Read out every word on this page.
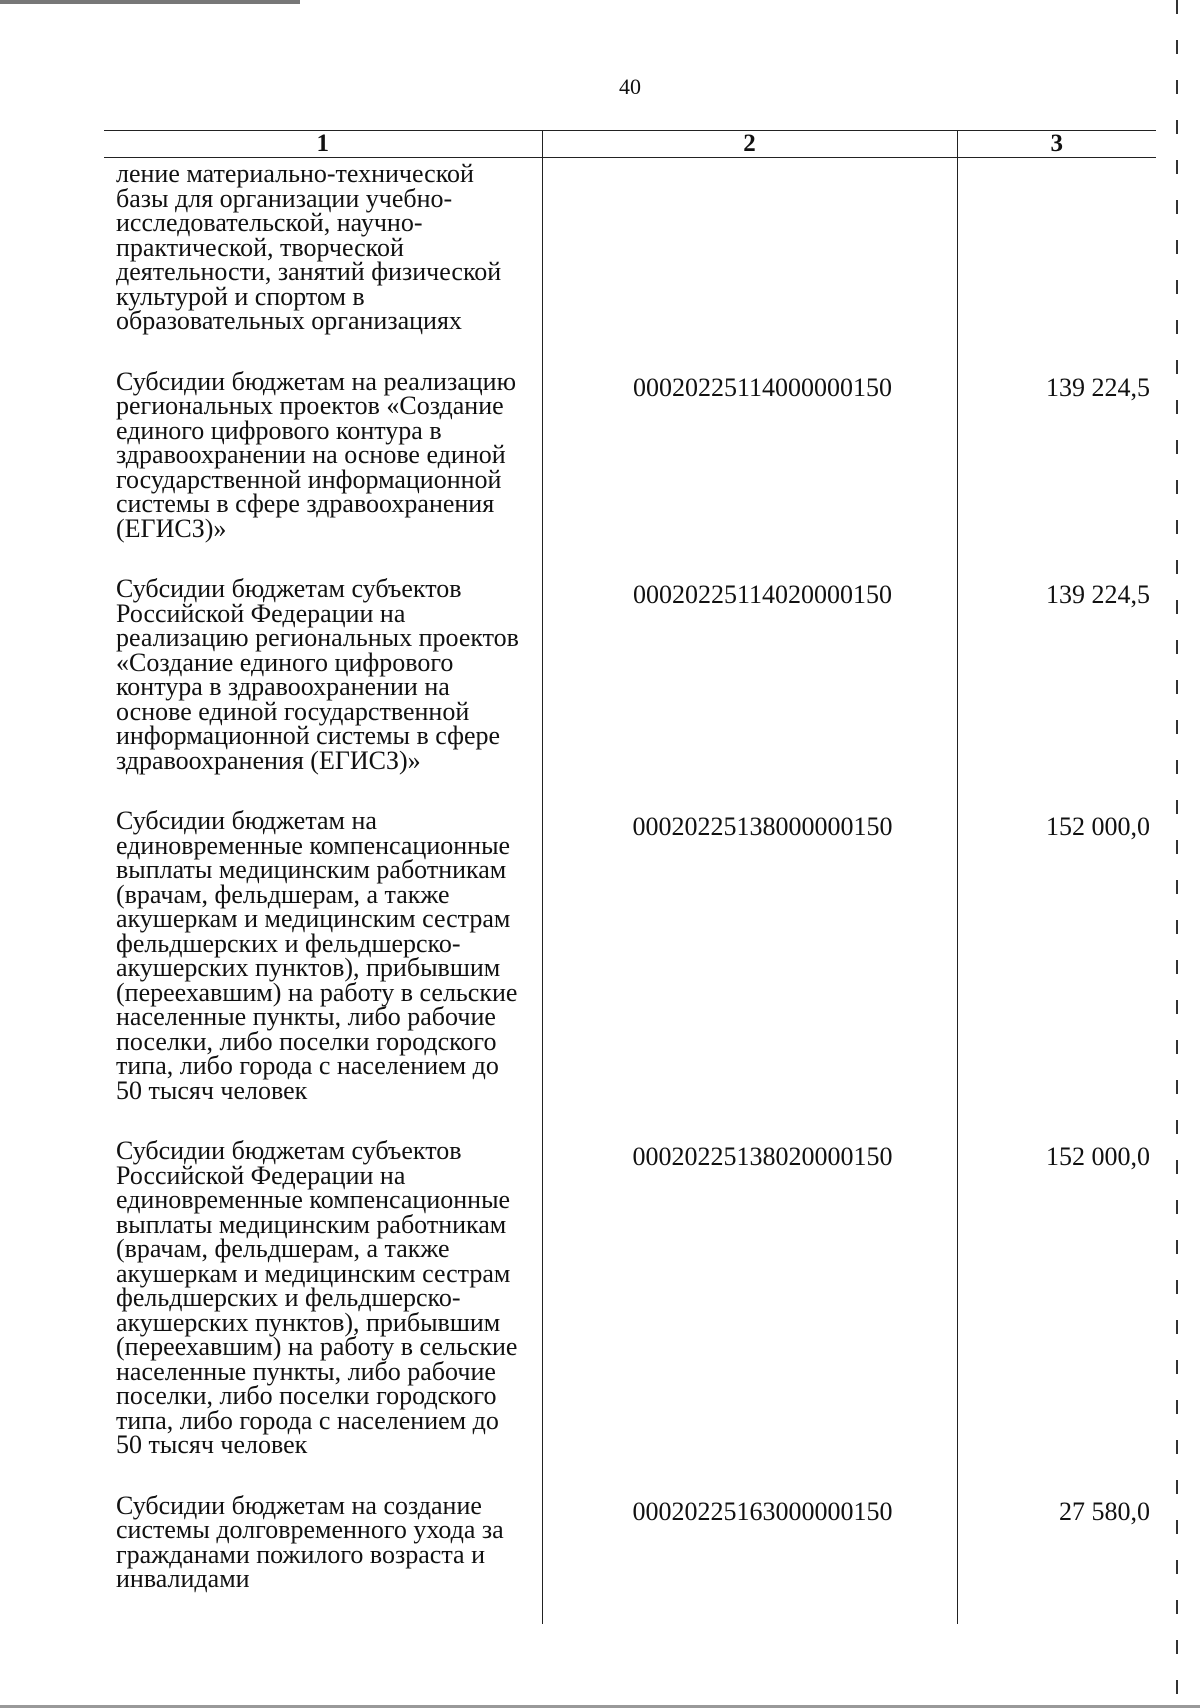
40
1	2	3
ление материально-технической базы для организации учебно-исследовательской, научно-практической, творческой деятельности, занятий физической культурой и спортом в образовательных организациях		
Субсидии бюджетам на реализацию региональных проектов «Создание единого цифрового контура в здравоохранении на основе единой государственной информационной системы в сфере здравоохранения (ЕГИСЗ)»	00020225114000000150	139 224,5
Субсидии бюджетам субъектов Российской Федерации на реализацию региональных проектов «Создание единого цифрового контура в здравоохранении на основе единой государственной информационной системы в сфере здравоохранения (ЕГИСЗ)»	00020225114020000150	139 224,5
Субсидии бюджетам на единовременные компенсационные выплаты медицинским работникам (врачам, фельдшерам, а также акушеркам и медицинским сестрам фельдшерских и фельдшерско-акушерских пунктов), прибывшим (переехавшим) на работу в сельские населенные пункты, либо рабочие поселки, либо поселки городского типа, либо города с населением до 50 тысяч человек	00020225138000000150	152 000,0
Субсидии бюджетам субъектов Российской Федерации на единовременные компенсационные выплаты медицинским работникам (врачам, фельдшерам, а также акушеркам и медицинским сестрам фельдшерских и фельдшерско-акушерских пунктов), прибывшим (переехавшим) на работу в сельские населенные пункты, либо рабочие поселки, либо поселки городского типа, либо города с населением до 50 тысяч человек	00020225138020000150	152 000,0
Субсидии бюджетам на создание системы долговременного ухода за гражданами пожилого возраста и инвалидами	00020225163000000150	27 580,0
